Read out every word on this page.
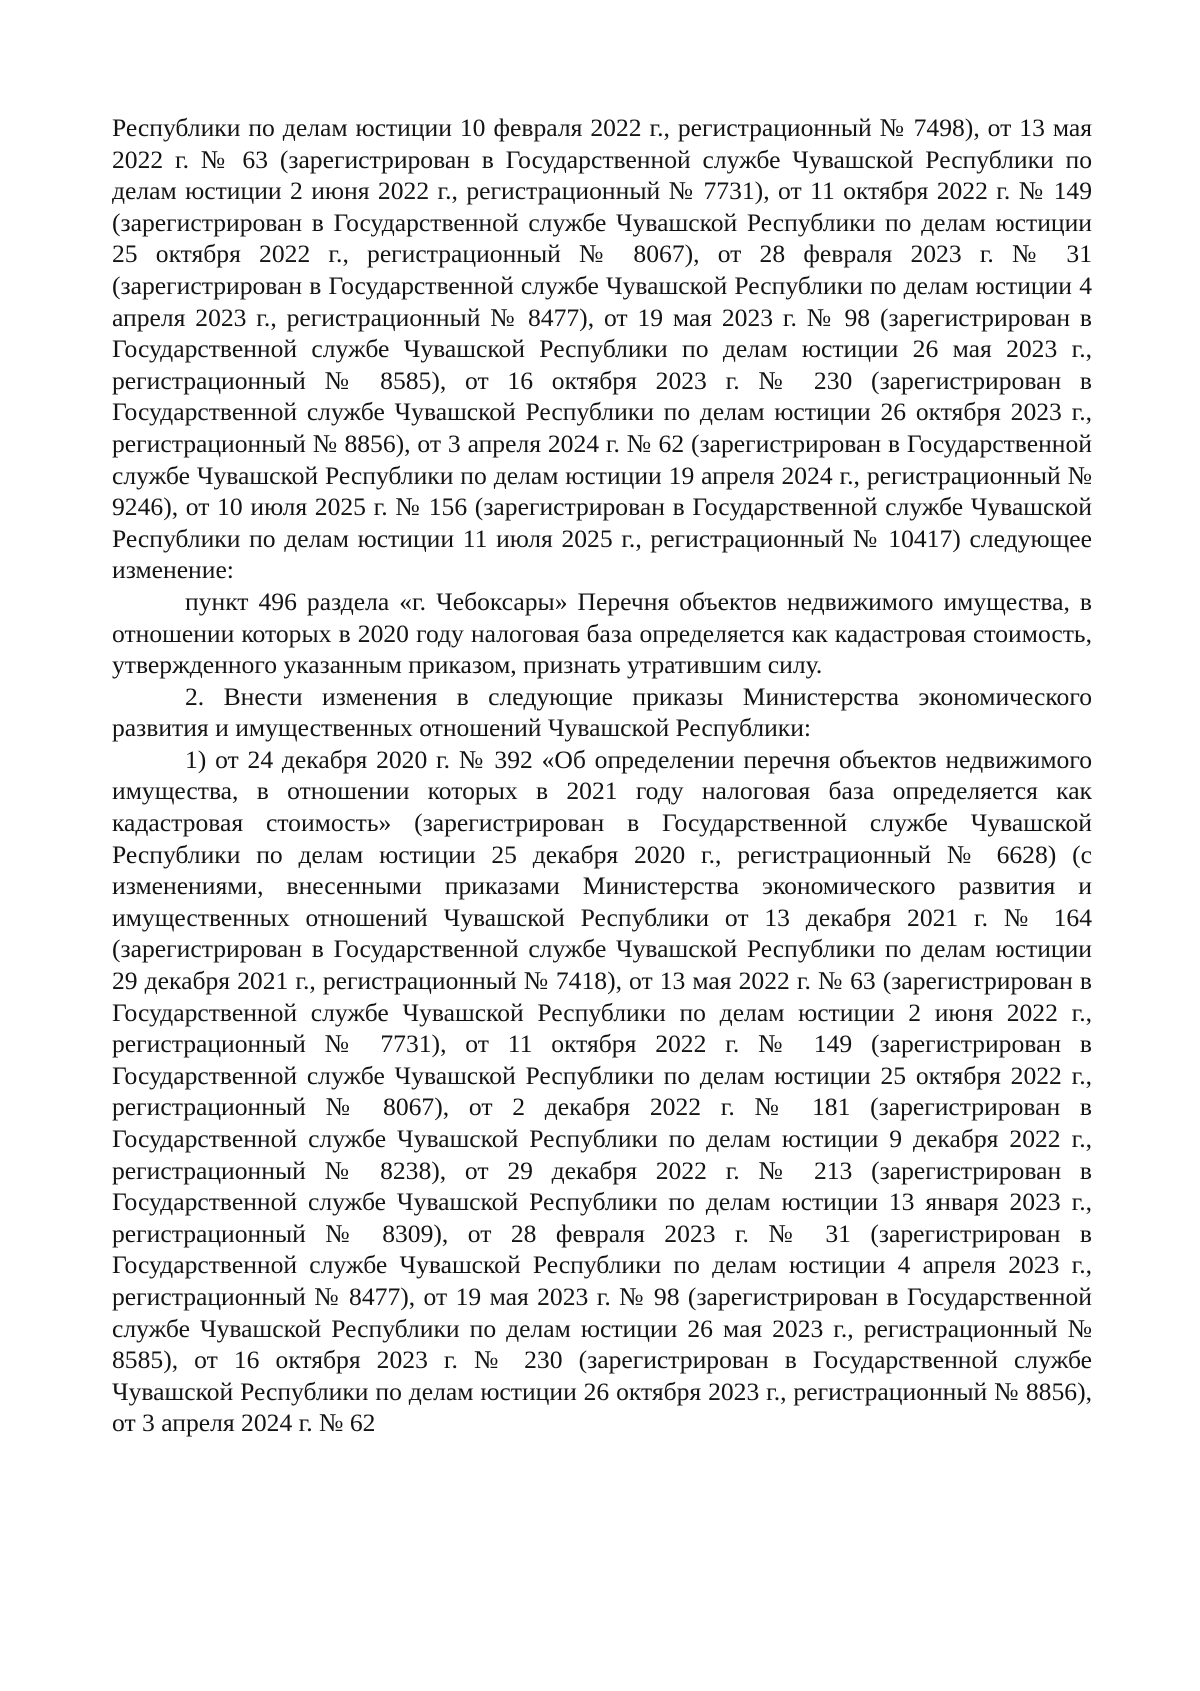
Республики по делам юстиции 10 февраля 2022 г., регистрационный № 7498), от 13 мая 2022 г. № 63 (зарегистрирован в Государственной службе Чувашской Республики по делам юстиции 2 июня 2022 г., регистрационный № 7731), от 11 октября 2022 г. № 149 (зарегистрирован в Государственной службе Чувашской Республики по делам юстиции 25 октября 2022 г., регистрационный № 8067), от 28 февраля 2023 г. № 31 (зарегистрирован в Государственной службе Чувашской Республики по делам юстиции 4 апреля 2023 г., регистрационный № 8477), от 19 мая 2023 г. № 98 (зарегистрирован в Государственной службе Чувашской Республики по делам юстиции 26 мая 2023 г., регистрационный № 8585), от 16 октября 2023 г. № 230 (зарегистрирован в Государственной службе Чувашской Республики по делам юстиции 26 октября 2023 г., регистрационный № 8856), от 3 апреля 2024 г. № 62 (зарегистрирован в Государственной службе Чувашской Республики по делам юстиции 19 апреля 2024 г., регистрационный № 9246), от 10 июля 2025 г. № 156 (зарегистрирован в Государственной службе Чувашской Республики по делам юстиции 11 июля 2025 г., регистрационный № 10417) следующее изменение:

пункт 496 раздела «г. Чебоксары» Перечня объектов недвижимого имущества, в отношении которых в 2020 году налоговая база определяется как кадастровая стоимость, утвержденного указанным приказом, признать утратившим силу.

2. Внести изменения в следующие приказы Министерства экономического развития и имущественных отношений Чувашской Республики:

1) от 24 декабря 2020 г. № 392 «Об определении перечня объектов недвижимого имущества, в отношении которых в 2021 году налоговая база определяется как кадастровая стоимость» (зарегистрирован в Государственной службе Чувашской Республики по делам юстиции 25 декабря 2020 г., регистрационный № 6628) (с изменениями, внесенными приказами Министерства экономического развития и имущественных отношений Чувашской Республики от 13 декабря 2021 г. № 164 (зарегистрирован в Государственной службе Чувашской Республики по делам юстиции 29 декабря 2021 г., регистрационный № 7418), от 13 мая 2022 г. № 63 (зарегистрирован в Государственной службе Чувашской Республики по делам юстиции 2 июня 2022 г., регистрационный № 7731), от 11 октября 2022 г. № 149 (зарегистрирован в Государственной службе Чувашской Республики по делам юстиции 25 октября 2022 г., регистрационный № 8067), от 2 декабря 2022 г. № 181 (зарегистрирован в Государственной службе Чувашской Республики по делам юстиции 9 декабря 2022 г., регистрационный № 8238), от 29 декабря 2022 г. № 213 (зарегистрирован в Государственной службе Чувашской Республики по делам юстиции 13 января 2023 г., регистрационный № 8309), от 28 февраля 2023 г. № 31 (зарегистрирован в Государственной службе Чувашской Республики по делам юстиции 4 апреля 2023 г., регистрационный № 8477), от 19 мая 2023 г. № 98 (зарегистрирован в Государственной службе Чувашской Республики по делам юстиции 26 мая 2023 г., регистрационный № 8585), от 16 октября 2023 г. № 230 (зарегистрирован в Государственной службе Чувашской Республики по делам юстиции 26 октября 2023 г., регистрационный № 8856), от 3 апреля 2024 г. № 62
